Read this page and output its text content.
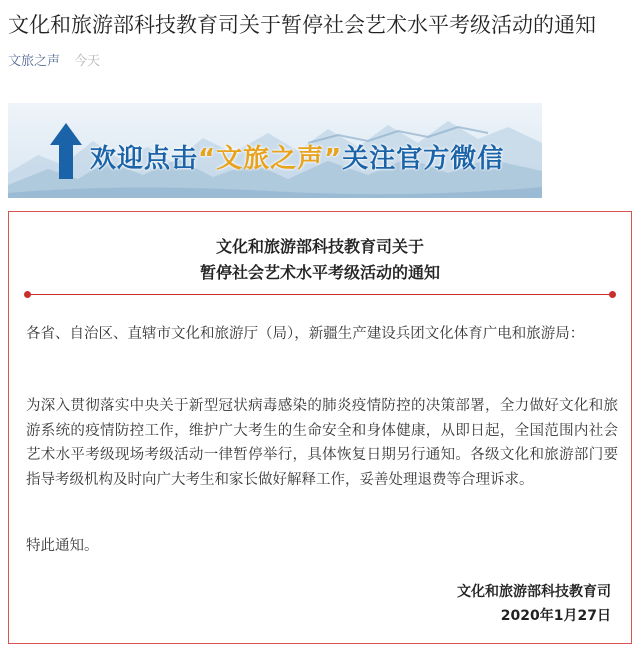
文化和旅游部科技教育司关于暂停社会艺术水平考级活动的通知
文旅之声 今天
欢迎点击“文旅之声”关注官方微信
文化和旅游部科技教育司关于
暂停社会艺术水平考级活动的通知
各省、自治区、直辖市文化和旅游厅（局），新疆生产建设兵团文化体育广电和旅游局：
为深入贯彻落实中央关于新型冠状病毒感染的肺炎疫情防控的决策部署，全力做好文化和旅游系统的疫情防控工作，维护广大考生的生命安全和身体健康，从即日起，全国范围内社会艺术水平考级现场考级活动一律暂停举行，具体恢复日期另行通知。各级文化和旅游部门要指导考级机构及时向广大考生和家长做好解释工作，妥善处理退费等合理诉求。
特此通知。
文化和旅游部科技教育司
2020年1月27日
